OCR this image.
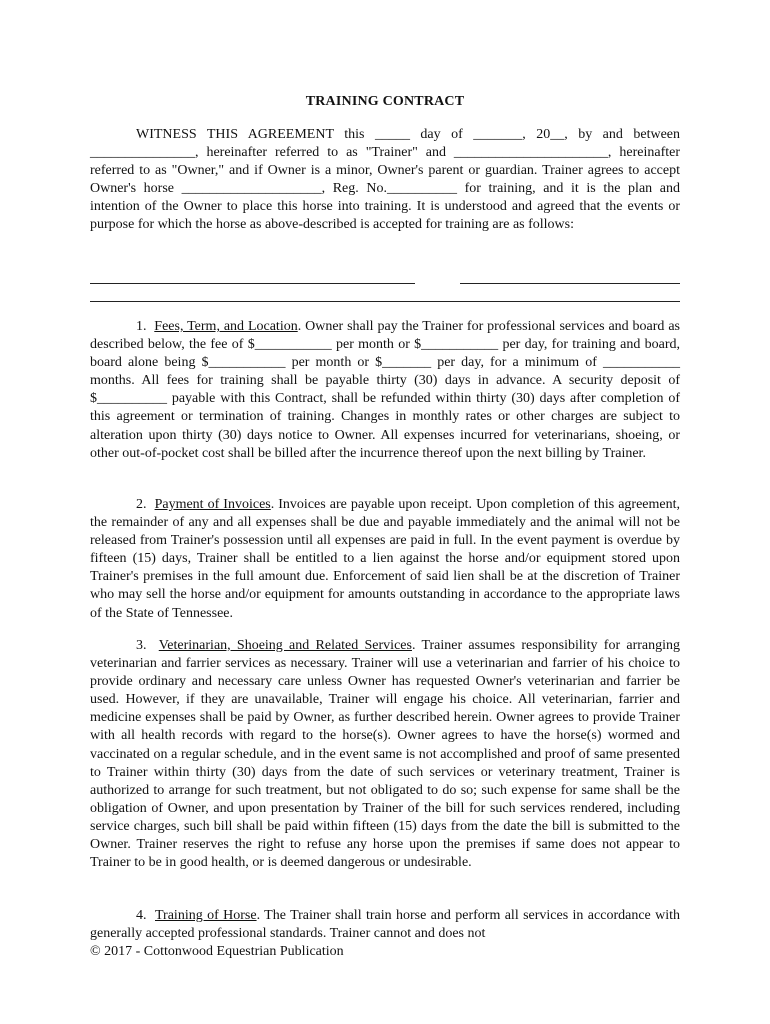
TRAINING CONTRACT

WITNESS THIS AGREEMENT this _____ day of _______, 20__, by and between _______________, hereinafter referred to as "Trainer" and ______________________, hereinafter referred to as "Owner," and if Owner is a minor, Owner's parent or guardian. Trainer agrees to accept Owner's horse ____________________, Reg. No.__________ for training, and it is the plan and intention of the Owner to place this horse into training. It is understood and agreed that the events or purpose for which the horse as above-described is accepted for training are as follows:

1. Fees, Term, and Location. Owner shall pay the Trainer for professional services and board as described below, the fee of $___________ per month or $___________ per day, for training and board, board alone being $___________ per month or $_______ per day, for a minimum of ___________ months. All fees for training shall be payable thirty (30) days in advance. A security deposit of $__________ payable with this Contract, shall be refunded within thirty (30) days after completion of this agreement or termination of training. Changes in monthly rates or other charges are subject to alteration upon thirty (30) days notice to Owner. All expenses incurred for veterinarians, shoeing, or other out-of-pocket cost shall be billed after the incurrence thereof upon the next billing by Trainer.

2. Payment of Invoices. Invoices are payable upon receipt. Upon completion of this agreement, the remainder of any and all expenses shall be due and payable immediately and the animal will not be released from Trainer's possession until all expenses are paid in full. In the event payment is overdue by fifteen (15) days, Trainer shall be entitled to a lien against the horse and/or equipment stored upon Trainer's premises in the full amount due. Enforcement of said lien shall be at the discretion of Trainer who may sell the horse and/or equipment for amounts outstanding in accordance to the appropriate laws of the State of Tennessee.

3. Veterinarian, Shoeing and Related Services. Trainer assumes responsibility for arranging veterinarian and farrier services as necessary. Trainer will use a veterinarian and farrier of his choice to provide ordinary and necessary care unless Owner has requested Owner's veterinarian and farrier be used. However, if they are unavailable, Trainer will engage his choice. All veterinarian, farrier and medicine expenses shall be paid by Owner, as further described herein. Owner agrees to provide Trainer with all health records with regard to the horse(s). Owner agrees to have the horse(s) wormed and vaccinated on a regular schedule, and in the event same is not accomplished and proof of same presented to Trainer within thirty (30) days from the date of such services or veterinary treatment, Trainer is authorized to arrange for such treatment, but not obligated to do so; such expense for same shall be the obligation of Owner, and upon presentation by Trainer of the bill for such services rendered, including service charges, such bill shall be paid within fifteen (15) days from the date the bill is submitted to the Owner. Trainer reserves the right to refuse any horse upon the premises if same does not appear to Trainer to be in good health, or is deemed dangerous or undesirable.

4. Training of Horse. The Trainer shall train horse and perform all services in accordance with generally accepted professional standards. Trainer cannot and does not

© 2017 - Cottonwood Equestrian Publication
